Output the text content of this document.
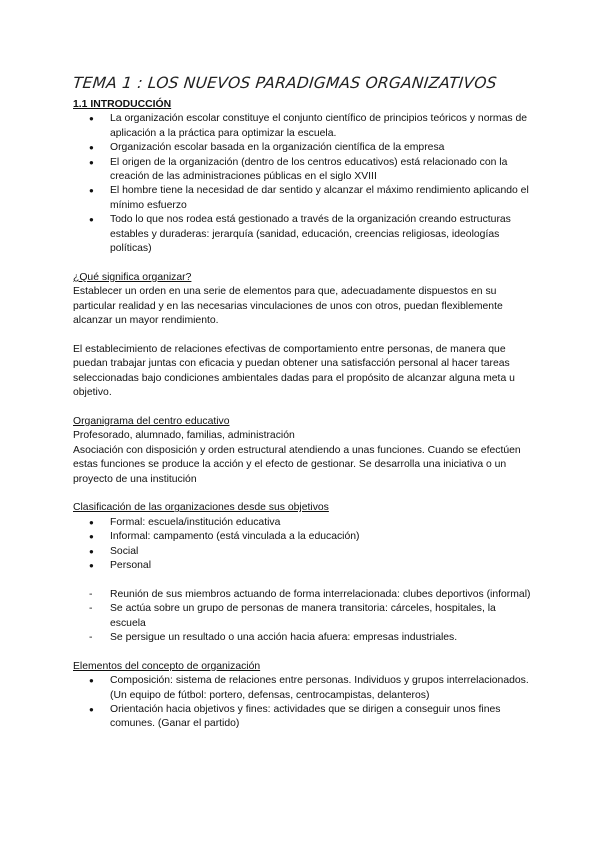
TEMA 1 : LOS NUEVOS PARADIGMAS ORGANIZATIVOS

1.1 INTRODUCCIÓN

● La organización escolar constituye el conjunto científico de principios teóricos y normas de aplicación a la práctica para optimizar la escuela.
● Organización escolar basada en la organización científica de la empresa
● El origen de la organización (dentro de los centros educativos) está relacionado con la creación de las administraciones públicas en el siglo XVIII
● El hombre tiene la necesidad de dar sentido y alcanzar el máximo rendimiento aplicando el mínimo esfuerzo
● Todo lo que nos rodea está gestionado a través de la organización creando estructuras estables y duraderas: jerarquía (sanidad, educación, creencias religiosas, ideologías políticas)

¿Qué significa organizar?

Establecer un orden en una serie de elementos para que, adecuadamente dispuestos en su particular realidad y en las necesarias vinculaciones de unos con otros, puedan flexiblemente alcanzar un mayor rendimiento.

El establecimiento de relaciones efectivas de comportamiento entre personas, de manera que puedan trabajar juntas con eficacia y puedan obtener una satisfacción personal al hacer tareas seleccionadas bajo condiciones ambientales dadas para el propósito de alcanzar alguna meta u objetivo.

Organigrama del centro educativo

Profesorado, alumnado, familias, administración

Asociación con disposición y orden estructural atendiendo a unas funciones. Cuando se efectúen estas funciones se produce la acción y el efecto de gestionar. Se desarrolla una iniciativa o un proyecto de una institución

Clasificación de las organizaciones desde sus objetivos

● Formal: escuela/institución educativa
● Informal: campamento (está vinculada a la educación)
● Social
● Personal
- Reunión de sus miembros actuando de forma interrelacionada: clubes deportivos (informal)
- Se actúa sobre un grupo de personas de manera transitoria: cárceles, hospitales, la escuela
- Se persigue un resultado o una acción hacia afuera: empresas industriales.

Elementos del concepto de organización

● Composición: sistema de relaciones entre personas. Individuos y grupos interrelacionados. (Un equipo de fútbol: portero, defensas, centrocampistas, delanteros)
● Orientación hacia objetivos y fines: actividades que se dirigen a conseguir unos fines comunes. (Ganar el partido)
